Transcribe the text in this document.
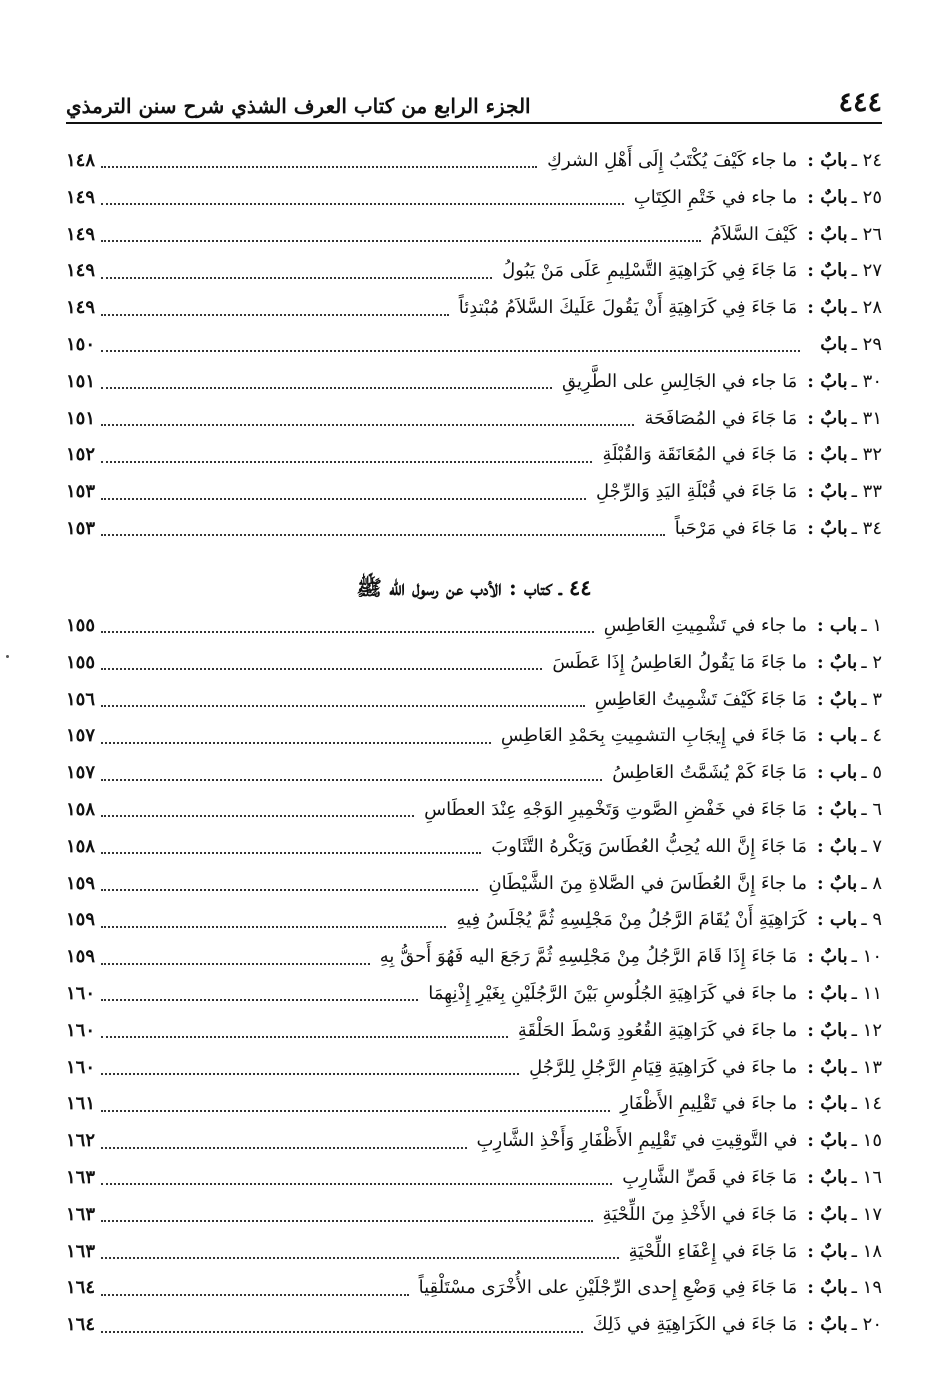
٤٤٤
الجزء الرابع من كتاب العرف الشذي شرح سنن الترمذي
٢٤ ـ
بابٌ :
ما جاء كَيْفَ يُكْتَبُ إِلَى أَهْلِ الشركِ
١٤٨
٢٥ ـ
بابٌ :
ما جاء في خَتْمِ الكِتَابِ
١٤٩
٢٦ ـ
بابٌ :
كَيْفَ السَّلاَمُ
١٤٩
٢٧ ـ
بابٌ :
مَا جَاءَ فِي كَرَاهِيَةِ التَّسْلِيمِ عَلَى مَنْ يَبُولُ
١٤٩
٢٨ ـ
بابٌ :
مَا جَاءَ فِي كَرَاهِيَةِ أَنْ يَقُولَ عَلَيكَ السَّلاَمُ مُبْتدِئاً
١٤٩
٢٩ ـ
بابٌ
١٥٠
٣٠ ـ
بابٌ :
مَا جاء في الجَالِسِ على الطَّرِيقِ
١٥١
٣١ ـ
بابٌ :
مَا جَاءَ في المُصَافَحَة
١٥١
٣٢ ـ
بابٌ :
مَا جَاءَ في المُعَانَقَة وَالقُبْلَةِ
١٥٢
٣٣ ـ
بابٌ :
مَا جَاءَ في قُبْلَةِ اليَدِ وَالرِّجْلِ
١٥٣
٣٤ ـ
بابٌ :
مَا جَاءَ في مَرْحَباً
١٥٣
٤٤ ـ كتاب : الأدب عن رسول الله ﷺ
١ ـ
باب :
ما جاء في تَشْمِيتِ العَاطِسِ
١٥٥
٢ ـ
بابٌ :
ما جَاءَ مَا يَقُولُ العَاطِسُ إِذَا عَطَسَ
١٥٥
٣ ـ
بابٌ :
مَا جَاءَ كَيْفَ تَشْمِيتُ العَاطِسِ
١٥٦
٤ ـ
باب :
مَا جَاءَ في إِيجَابِ التشمِيتِ بِحَمْدِ العَاطِسِ
١٥٧
٥ ـ
باب :
مَا جَاءَ كَمْ يُشَمَّتُ العَاطِسُ
١٥٧
٦ ـ
بابٌ :
مَا جَاءَ في خَفْضِ الصَّوتِ وَتَخْمِيرِ الوَجْهِ عِنْدَ العطَاسِ
١٥٨
٧ ـ
بابٌ :
مَا جَاءَ إِنَّ الله يُحِبُّ العُطَاسَ وَيَكْرهُ التَّثَاوبَ
١٥٨
٨ ـ
بابٌ :
ما جاءَ إِنَّ العُطَاسَ في الصَّلاةِ مِنَ الشَّيْطَانِ
١٥٩
٩ ـ
باب :
كَرَاهِيَةِ أَنْ يُقَامَ الرَّجُلُ مِنْ مَجْلِسِهِ ثُمَّ يُجْلَسُ فِيهِ
١٥٩
١٠ ـ
بابٌ :
مَا جَاءَ إِذَا قَامَ الرَّجُلُ مِنْ مَجْلِسِهِ ثُمَّ رَجَعَ اليه فَهُوَ أَحقُّ بِهِ
١٥٩
١١ ـ
بابٌ :
ما جاءَ في كَرَاهِيَةِ الجُلُوسِ بَيْنَ الرَّجُلَيْنِ بِغَيْرِ إِذْنِهِمَا
١٦٠
١٢ ـ
بابٌ :
ما جاءَ في كَرَاهِيَةِ القُعُودِ وَسْطَ الحَلْقَةِ
١٦٠
١٣ ـ
بابٌ :
ما جاءَ في كَرَاهِيَةِ قِيَامِ الرَّجُلِ لِلرَّجُلِ
١٦٠
١٤ ـ
بابٌ :
ما جاءَ في تَقْلِيمِ الأَظْفَارِ
١٦١
١٥ ـ
بابٌ :
في التَّوقِيتِ في تَقْلِيمِ الأَظْفَارِ وَأَخْذِ الشَّارِبِ
١٦٢
١٦ ـ
بابٌ :
مَا جَاءَ في قَصِّ الشَّارِبِ
١٦٣
١٧ ـ
بابٌ :
مَا جَاءَ في الأَخْذِ مِنَ اللِّحْيَةِ
١٦٣
١٨ ـ
بابٌ :
مَا جَاءَ في إِعْفَاءِ اللِّحْيَةِ
١٦٣
١٩ ـ
بابٌ :
مَا جَاءَ فِي وَضْعِ إِحدى الرِّجْلَيْنِ على الأُخْرَى مسْتَلْقِياً
١٦٤
٢٠ ـ
بابٌ :
مَا جَاءَ في الكَرَاهِيَةِ في ذَلِكَ
١٦٤
